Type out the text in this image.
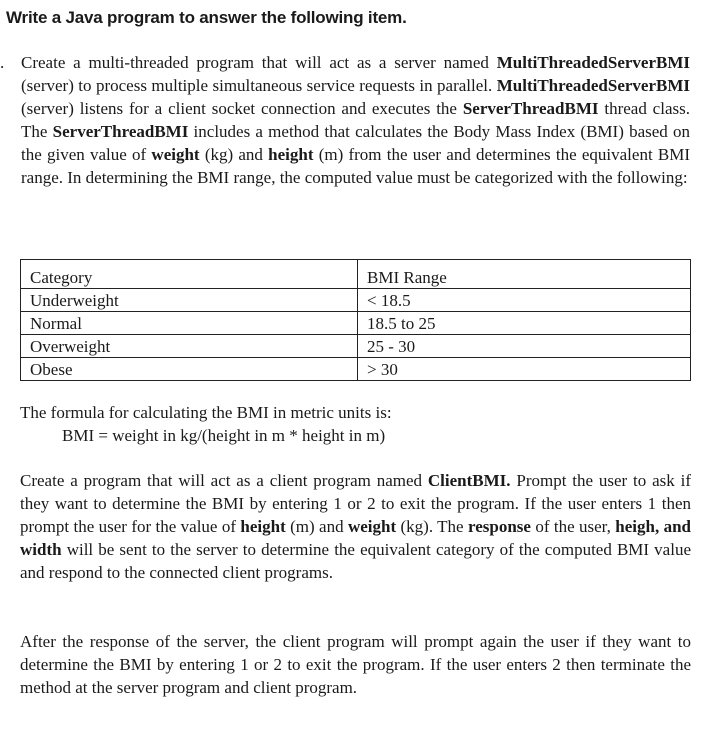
Write a Java program to answer the following item.
. Create a multi-threaded program that will act as a server named MultiThreadedServerBMI (server) to process multiple simultaneous service requests in parallel. MultiThreadedServerBMI (server) listens for a client socket connection and executes the ServerThreadBMI thread class. The ServerThreadBMI includes a method that calculates the Body Mass Index (BMI) based on the given value of weight (kg) and height (m) from the user and determines the equivalent BMI range. In determining the BMI range, the computed value must be categorized with the following:
Category	BMI Range
Underweight	< 18.5
Normal	18.5 to 25
Overweight	25 - 30
Obese	> 30
The formula for calculating the BMI in metric units is:
BMI = weight in kg/(height in m * height in m)
Create a program that will act as a client program named ClientBMI. Prompt the user to ask if they want to determine the BMI by entering 1 or 2 to exit the program. If the user enters 1 then prompt the user for the value of height (m) and weight (kg). The response of the user, heigh, and width will be sent to the server to determine the equivalent category of the computed BMI value and respond to the connected client programs.
After the response of the server, the client program will prompt again the user if they want to determine the BMI by entering 1 or 2 to exit the program. If the user enters 2 then terminate the method at the server program and client program.
